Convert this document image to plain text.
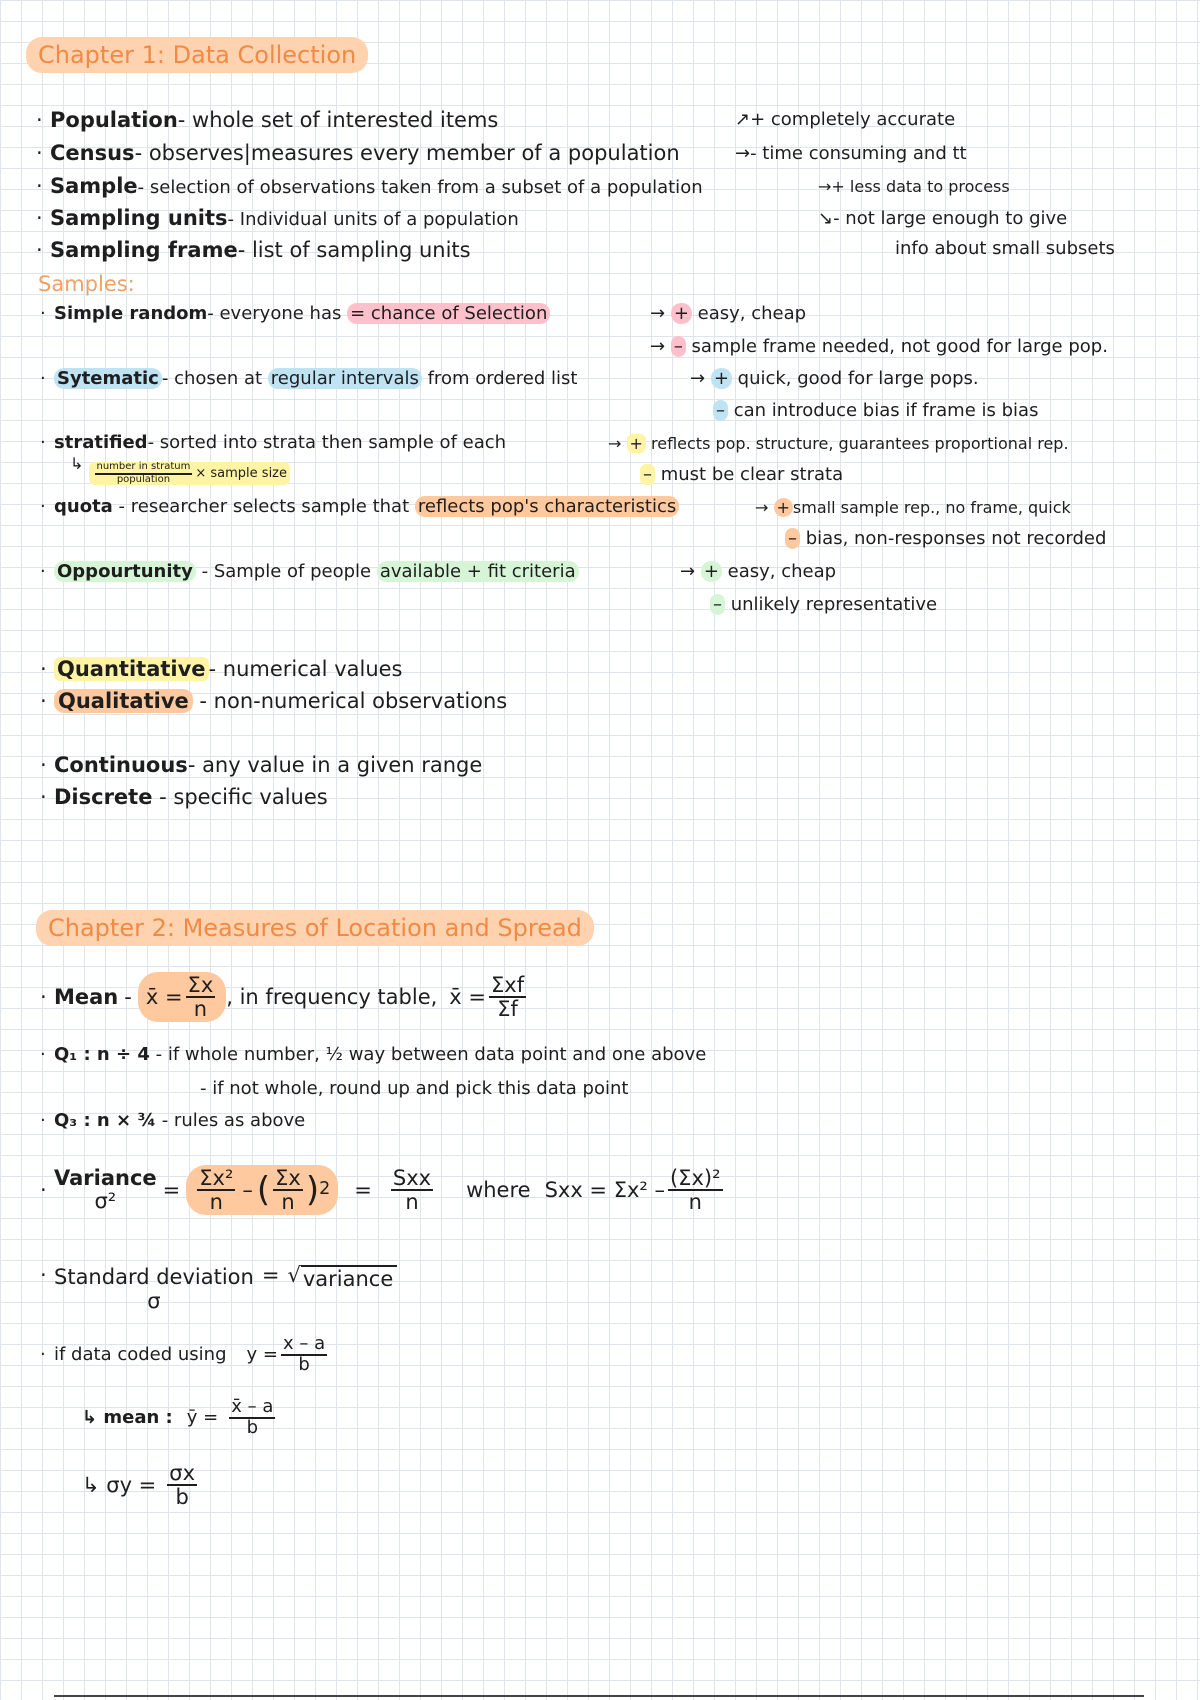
Chapter 1: Data Collection
· Population- whole set of interested items
· Census- observes|measures every member of a population
· Sample- selection of observations taken from a subset of a population
· Sampling units- Individual units of a population
· Sampling frame- list of sampling units
↗+ completely accurate
→- time consuming and tt
→+ less data to process
↘- not large enough to give
info about small subsets
Samples:
· Simple random- everyone has = chance of Selection	→ + easy, cheap
→ – sample frame needed, not good for large pop.
· Sytematic - chosen at regular intervals from ordered list	→ + quick, good for large pops.
– can introduce bias if frame is bias
· stratified- sorted into strata then sample of each	→ + reflects pop. structure, guarantees proportional rep.
↳ $\frac{\text{number in stratum}}{\text{population}}$ × sample size	– must be clear strata
· quota - researcher selects sample that reflects pop's characteristics	→ + small sample rep., no frame, quick
– bias, non-responses not recorded
· Oppourtunity - Sample of people available + fit criteria	→ + easy, cheap
– unlikely representative
· Quantitative - numerical values
· Qualitative - non-numerical observations
· Continuous- any value in a given range
· Discrete - specific values
Chapter 2: Measures of Location and Spread
· Mean - x̄ = $\frac{\Sigma x}{n}$ , in frequency table, x̄ = $\frac{\text{Σxf}}{\Sigma f}$
· Q₁ : n ÷ 4 - if whole number, ½ way between data point and one above
- if not whole, round up and pick this data point
· Q₃ : n × ¾ - rules as above
· Variance
$\sigma^2 = \frac{\text{Σx²}}{n}$ – ( $\frac{\Sigma x}{n}$ ) $2 = \frac{\text{Sxx}}{n}$ where Sxx = $\Sigma x^2 - \frac{\text{(Σx)²}}{n}$
· Standard deviation
σ
= √ variance
· if data coded using $y = \frac{x - a}{b}$
↳ mean : ȳ = $\frac{x̄ - a}{b}$
↳ $\sigma y = \frac{\sigma x}{b}$
